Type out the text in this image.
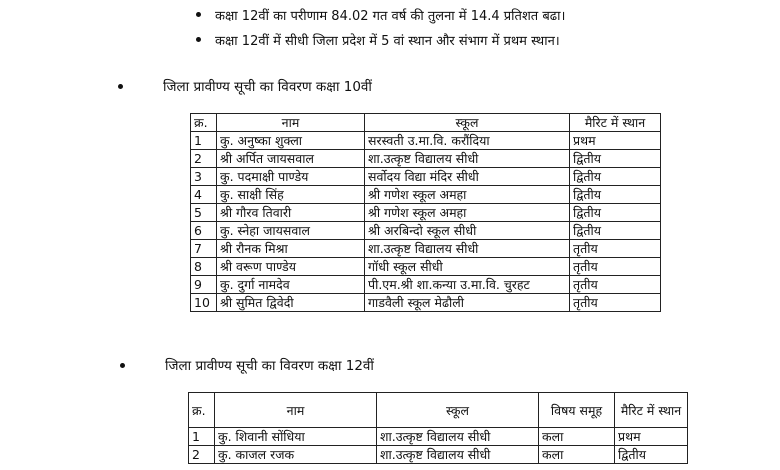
कक्षा 12वीं का परीणाम 84.02 गत वर्ष की तुलना में 14.4 प्रतिशत बढा।
कक्षा 12वीं में सीधी जिला प्रदेश में 5 वां स्थान और संभाग में प्रथम स्थान।
जिला प्रावीण्य सूची का विवरण कक्षा 10वीं
क्र.	नाम	स्कूल	मैरिट में स्थान
1	कु. अनुष्का शुक्ला	सरस्वती उ.मा.वि. करौंदिया	प्रथम
2	श्री अर्पित जायसवाल	शा.उत्कृष्ट विद्यालय सीधी	द्वितीय
3	कु. पदमाक्षी पाण्डेय	सर्वोदय विद्या मंदिर सीधी	द्वितीय
4	कु. साक्षी सिंह	श्री गणेश स्कूल अमहा	द्वितीय
5	श्री गौरव तिवारी	श्री गणेश स्कूल अमहा	द्वितीय
6	कु. स्नेहा जायसवाल	श्री अरबिन्दो स्कूल सीधी	द्वितीय
7	श्री रौनक मिश्रा	शा.उत्कृष्ट विद्यालय सीधी	तृतीय
8	श्री वरूण पाण्डेय	गॉधी स्कूल सीधी	तृतीय
9	कु. दुर्गा नामदेव	पी.एम.श्री शा.कन्या उ.मा.वि. चुरहट	तृतीय
10	श्री सुमित द्विवेदी	गाडवैली स्कूल मेढौली	तृतीय
जिला प्रावीण्य सूची का विवरण कक्षा 12वीं
क्र.	नाम	स्कूल	विषय समूह	मैरिट में स्थान
1	कु. शिवानी सोंधिया	शा.उत्कृष्ट विद्यालय सीधी	कला	प्रथम
2	कु. काजल रजक	शा.उत्कृष्ट विद्यालय सीधी	कला	द्वितीय
